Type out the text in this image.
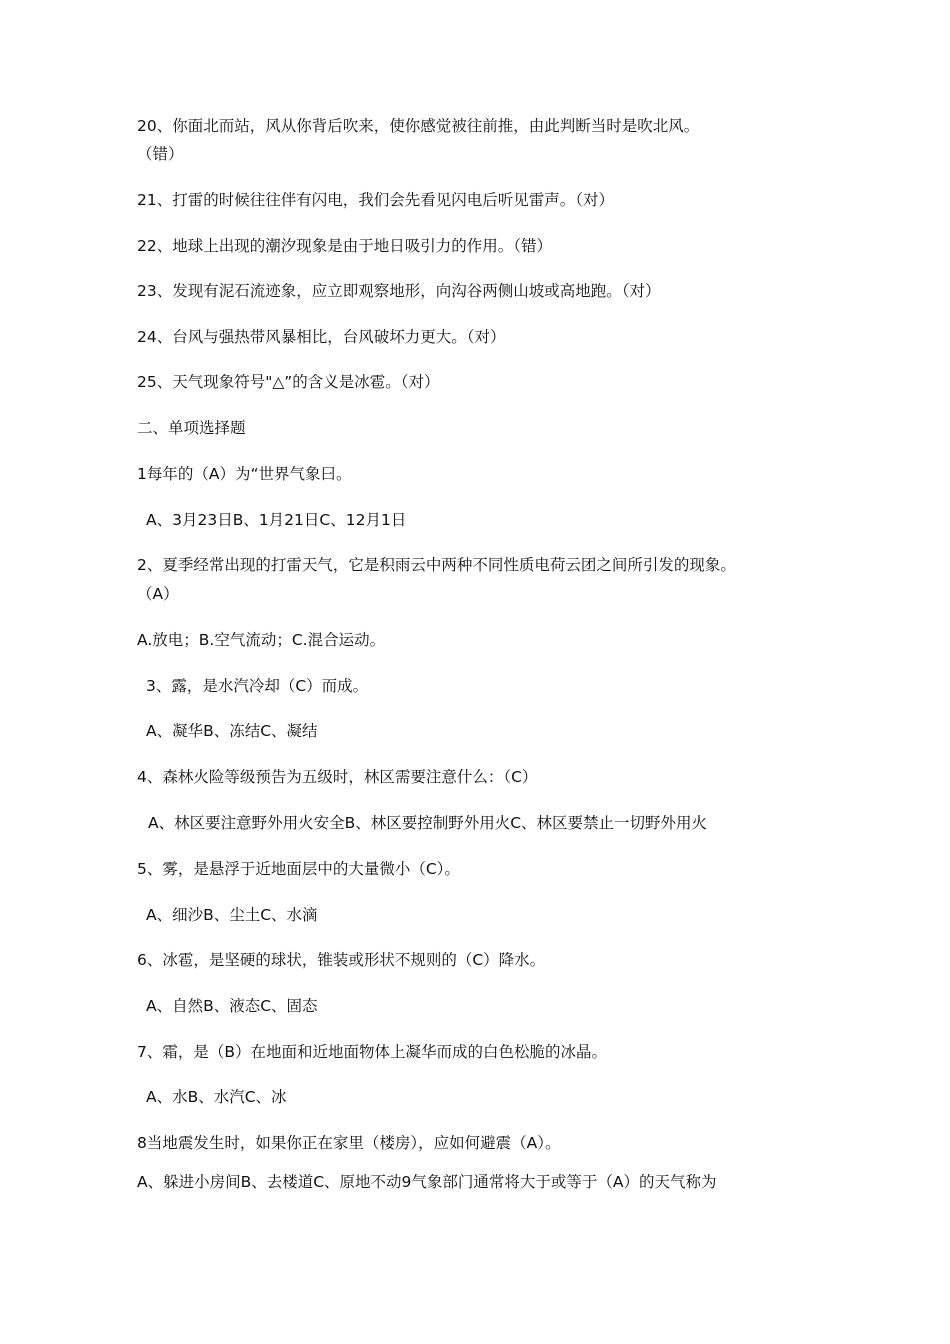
20、你面北而站，风从你背后吹来，使你感觉被往前推，由此判断当时是吹北风。

（错）

21、打雷的时候往往伴有闪电，我们会先看见闪电后听见雷声。（对）

22、地球上出现的潮汐现象是由于地日吸引力的作用。（错）

23、发现有泥石流迹象，应立即观察地形，向沟谷两侧山坡或高地跑。（对）

24、台风与强热带风暴相比，台风破坏力更大。（对）

25、天气现象符号"△”的含义是冰雹。（对）

二、单项选择题

1每年的（A）为“世界气象曰。

A、3月23日B、1月21日C、12月1日

2、夏季经常出现的打雷天气，它是积雨云中两种不同性质电荷云团之间所引发的现象。

（A）

A.放电；B.空气流动；C.混合运动。

3、露，是水汽冷却（C）而成。

A、凝华B、冻结C、凝结

4、森林火险等级预告为五级时，林区需要注意什么：（C）

A、林区要注意野外用火安全B、林区要控制野外用火C、林区要禁止一切野外用火

5、雾，是悬浮于近地面层中的大量微小（C）。

A、细沙B、尘土C、水滴

6、冰雹，是坚硬的球状，锥装或形状不规则的（C）降水。

A、自然B、液态C、固态

7、霜，是（B）在地面和近地面物体上凝华而成的白色松脆的冰晶。

A、水B、水汽C、冰

8当地震发生时，如果你正在家里（楼房），应如何避震（A）。

A、躲进小房间B、去楼道C、原地不动9气象部门通常将大于或等于（A）的天气称为
